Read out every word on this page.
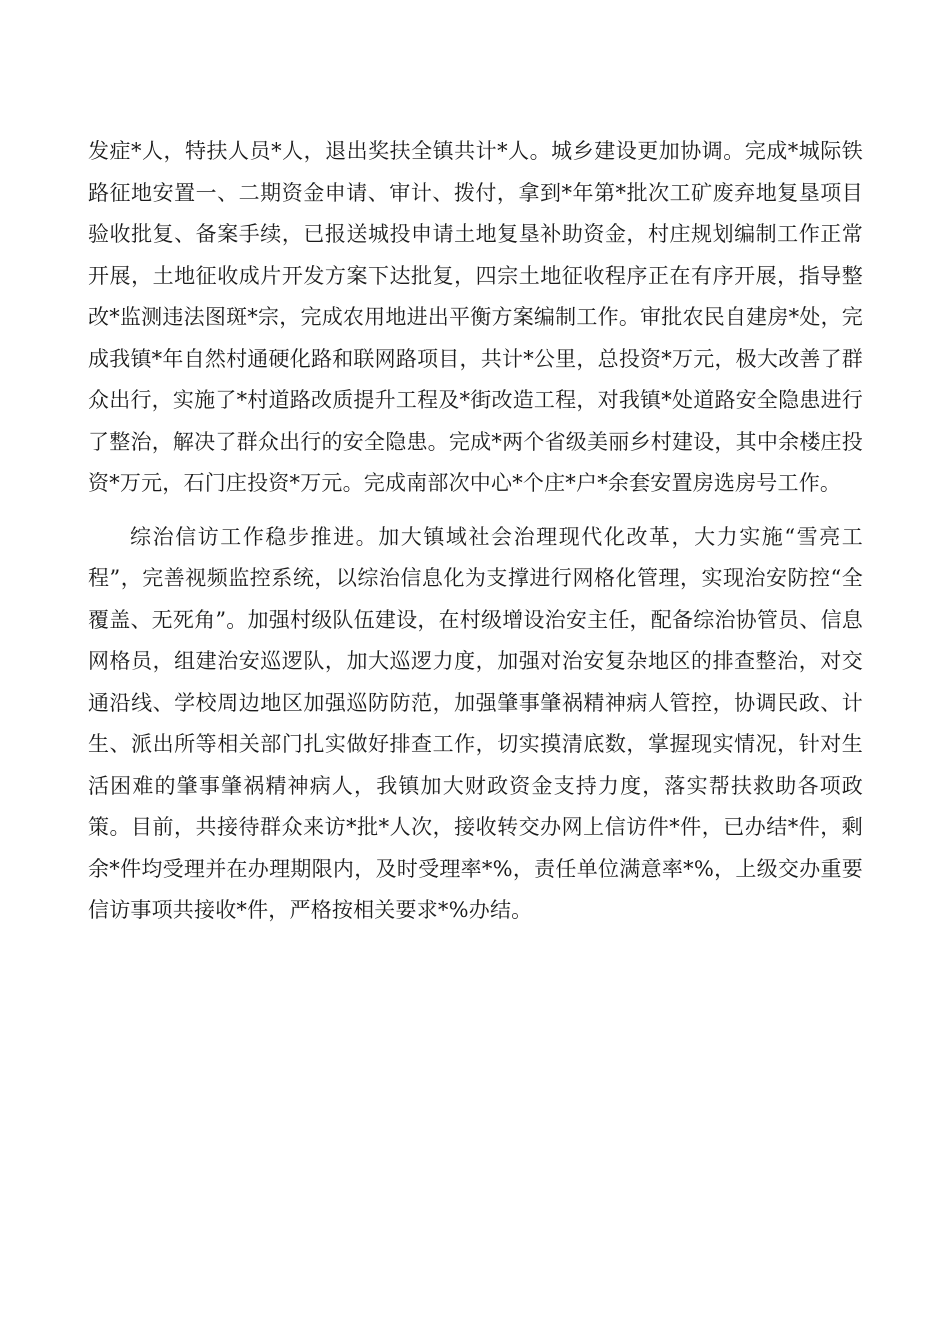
发症*人，特扶人员*人，退出奖扶全镇共计*人。城乡建设更加协调。完成*城际铁路征地安置一、二期资金申请、审计、拨付，拿到*年第*批次工矿废弃地复垦项目验收批复、备案手续，已报送城投申请土地复垦补助资金，村庄规划编制工作正常开展，土地征收成片开发方案下达批复，四宗土地征收程序正在有序开展，指导整改*监测违法图斑*宗，完成农用地进出平衡方案编制工作。审批农民自建房*处，完成我镇*年自然村通硬化路和联网路项目，共计*公里，总投资*万元，极大改善了群众出行，实施了*村道路改质提升工程及*街改造工程，对我镇*处道路安全隐患进行了整治，解决了群众出行的安全隐患。完成*两个省级美丽乡村建设，其中余楼庄投资*万元，石门庄投资*万元。完成南部次中心*个庄*户*余套安置房选房号工作。

综治信访工作稳步推进。加大镇域社会治理现代化改革，大力实施“雪亮工程”，完善视频监控系统，以综治信息化为支撑进行网格化管理，实现治安防控“全覆盖、无死角”。加强村级队伍建设，在村级增设治安主任，配备综治协管员、信息网格员，组建治安巡逻队，加大巡逻力度，加强对治安复杂地区的排查整治，对交通沿线、学校周边地区加强巡防防范，加强肇事肇祸精神病人管控，协调民政、计生、派出所等相关部门扎实做好排查工作，切实摸清底数，掌握现实情况，针对生活困难的肇事肇祸精神病人，我镇加大财政资金支持力度，落实帮扶救助各项政策。目前，共接待群众来访*批*人次，接收转交办网上信访件*件，已办结*件，剩余*件均受理并在办理期限内，及时受理率*%，责任单位满意率*%，上级交办重要信访事项共接收*件，严格按相关要求*%办结。
